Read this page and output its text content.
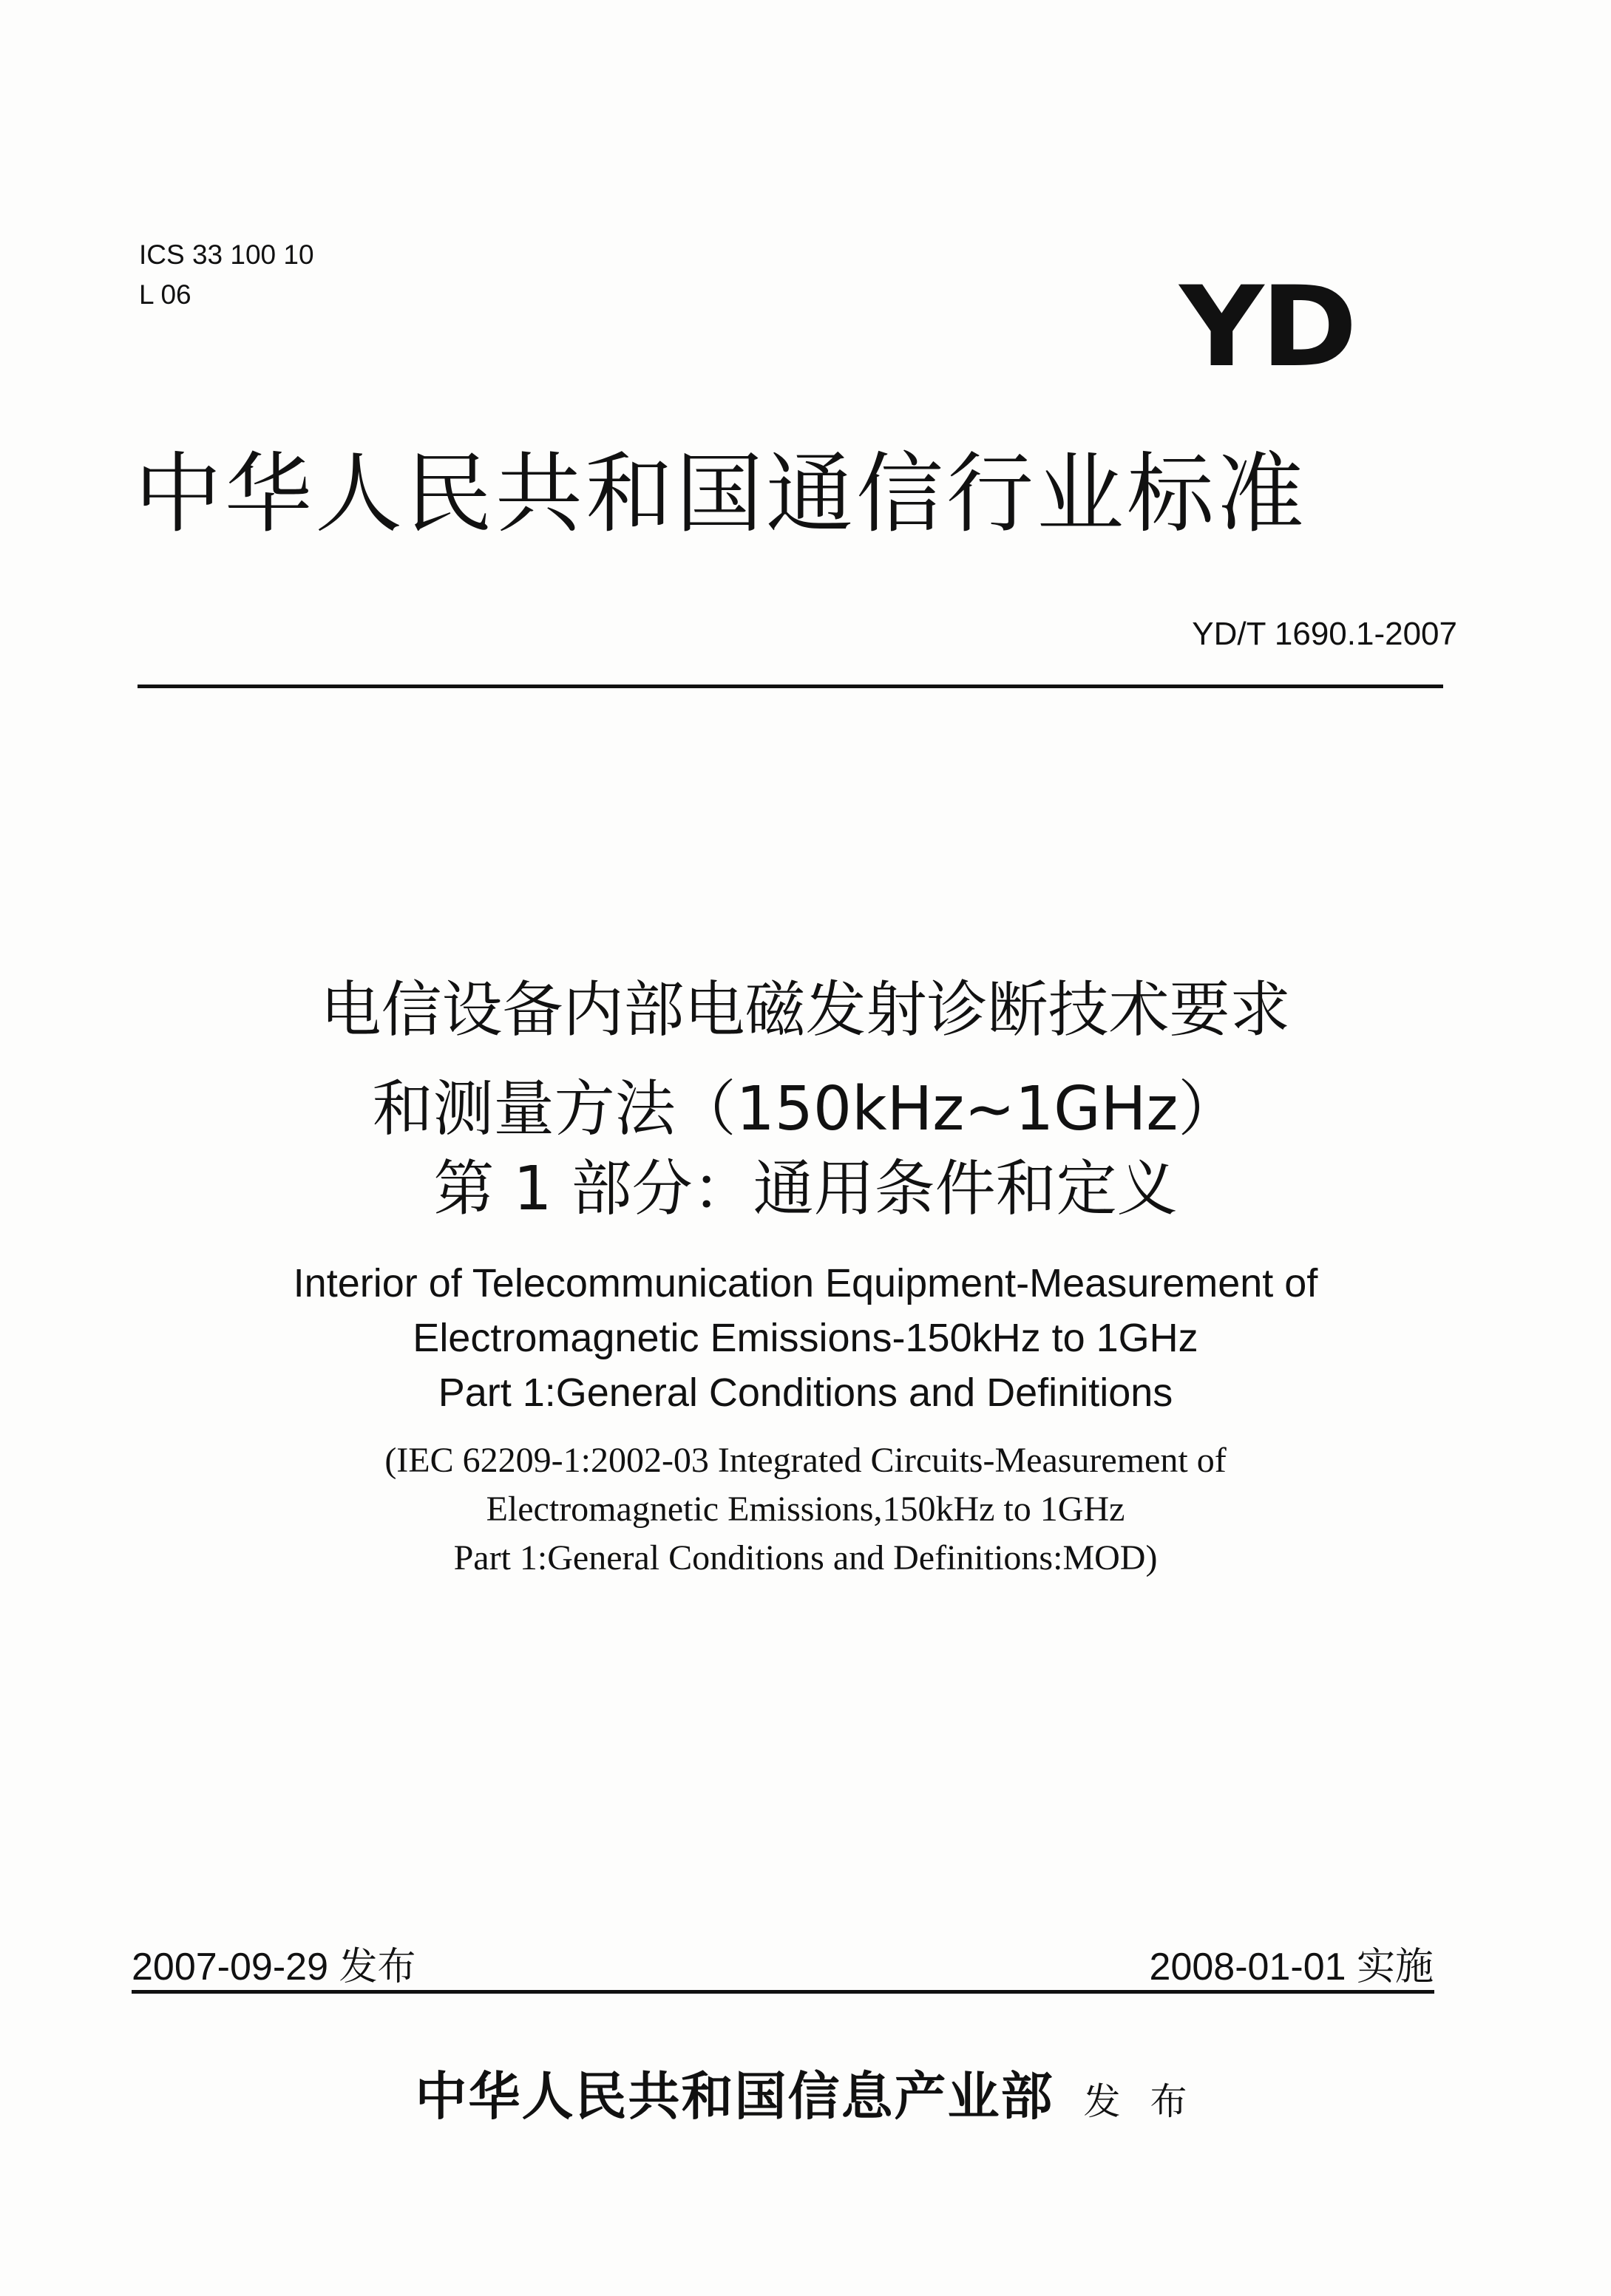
ICS 33 100 10
L 06	YD
中华人民共和国通信行业标准
YD/T 1690.1-2007
电信设备内部电磁发射诊断技术要求
和测量方法（150kHz~1GHz）
第 1 部分：通用条件和定义
Interior of Telecommunication Equipment-Measurement of
Electromagnetic Emissions-150kHz to 1GHz
Part 1:General Conditions and Definitions
(IEC 62209-1:2002-03 Integrated Circuits-Measurement of
Electromagnetic Emissions,150kHz to 1GHz
Part 1:General Conditions and Definitions:MOD)
2007-09-29 发布	2008-01-01 实施
中华人民共和国信息产业部 发 布
